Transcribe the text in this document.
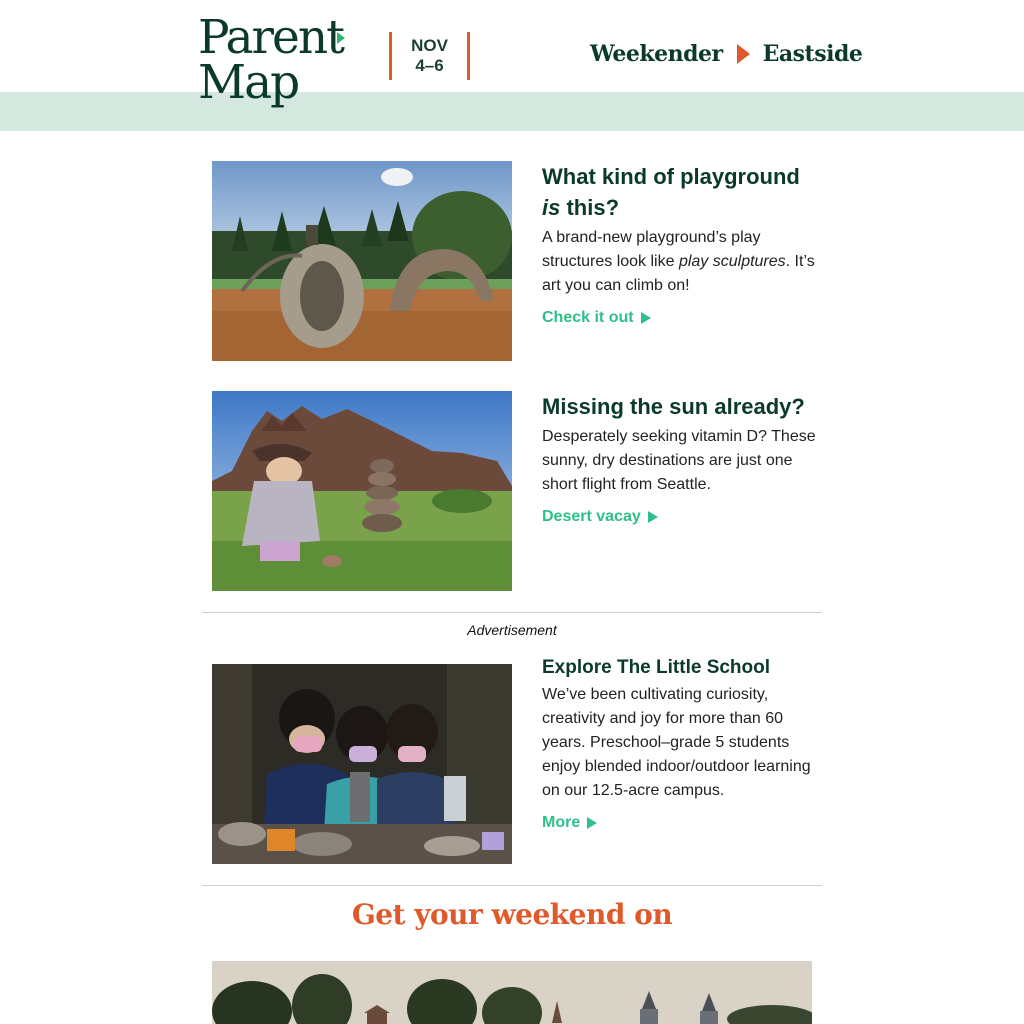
Parent
Map
NOV
4–6	Weekender Eastside
What kind of playground is this?
A brand-new playground’s play structures look like play sculptures. It’s art you can climb on!
Check it out
Missing the sun already?
Desperately seeking vitamin D? These sunny, dry destinations are just one short flight from Seattle.
Desert vacay
Advertisement
Explore The Little School
We’ve been cultivating curiosity, creativity and joy for more than 60 years. Preschool–grade 5 students enjoy blended indoor/outdoor learning on our 12.5-acre campus.
More
Get your weekend on
